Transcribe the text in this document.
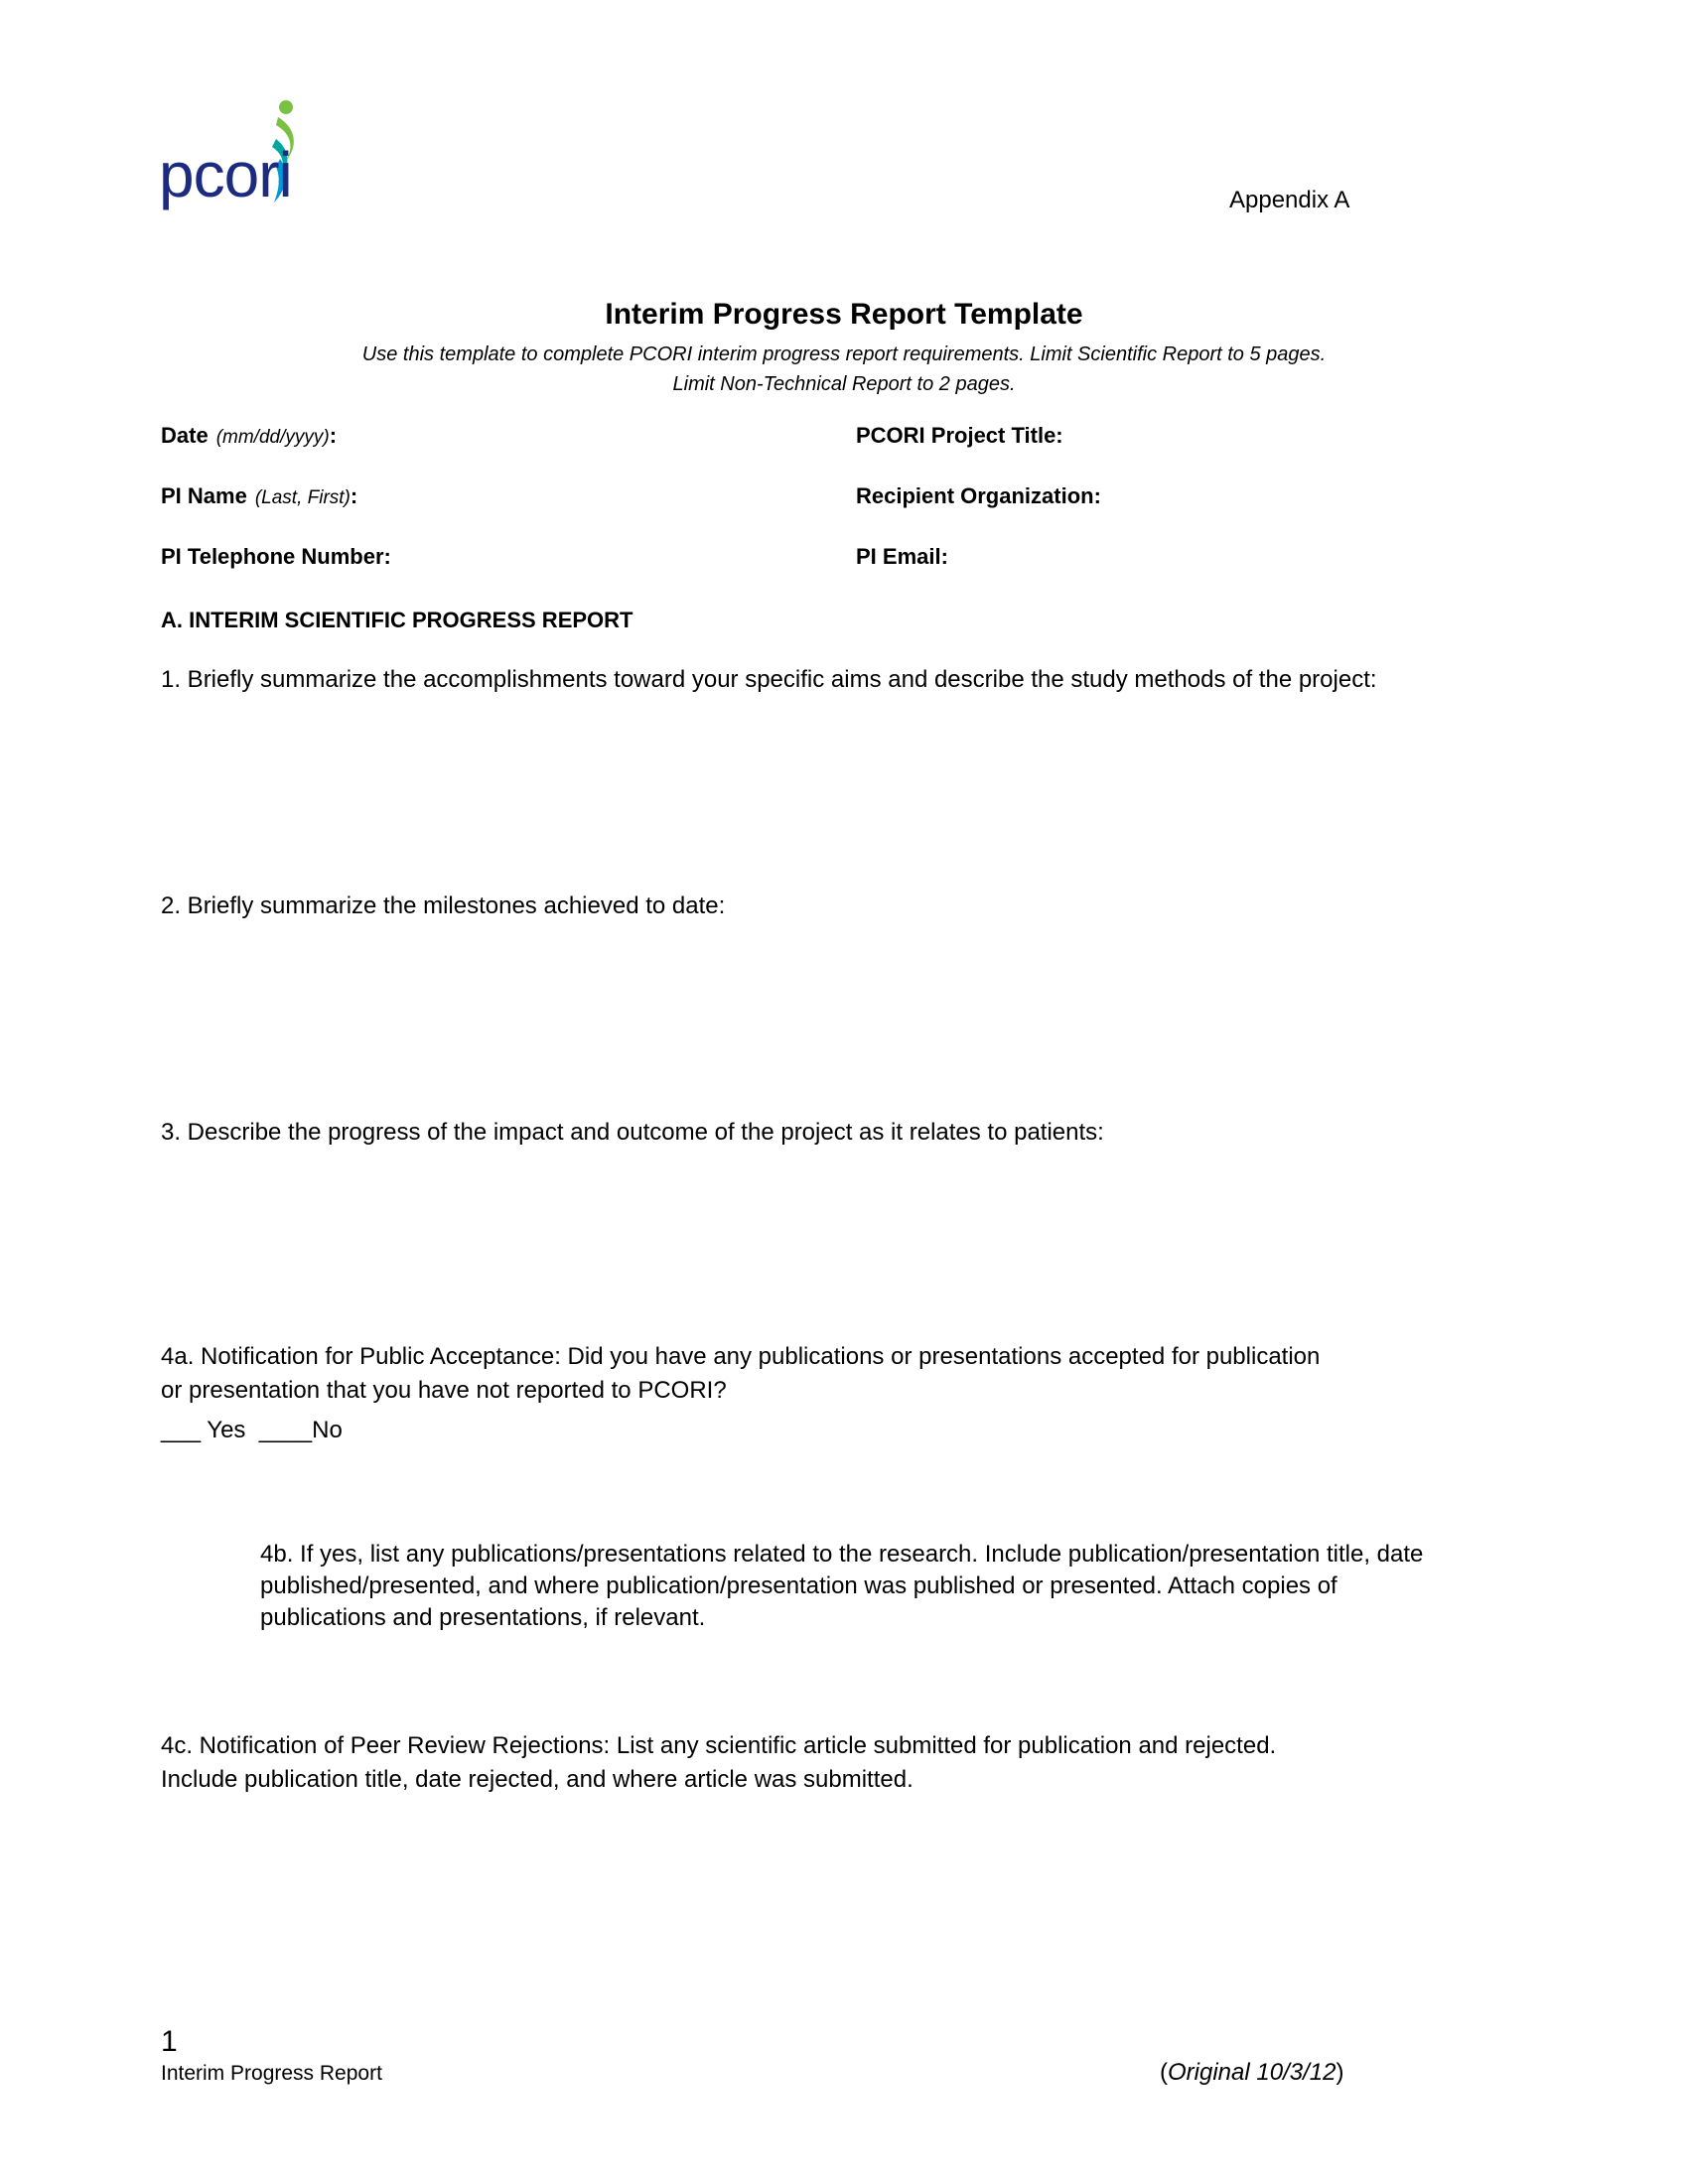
pcori	Appendix A
Interim Progress Report Template
Use this template to complete PCORI interim progress report requirements. Limit Scientific Report to 5 pages.
Limit Non-Technical Report to 2 pages.
Date (mm/dd/yyyy):
PI Name (Last, First):
PI Telephone Number:
PCORI Project Title:
Recipient Organization:
PI Email:
A. INTERIM SCIENTIFIC PROGRESS REPORT
1. Briefly summarize the accomplishments toward your specific aims and describe the study methods of the project:
2. Briefly summarize the milestones achieved to date:
3. Describe the progress of the impact and outcome of the project as it relates to patients:
4a. Notification for Public Acceptance: Did you have any publications or presentations accepted for publication
or presentation that you have not reported to PCORI?
___ Yes  ____No
4b. If yes, list any publications/presentations related to the research. Include publication/presentation title, date
published/presented, and where publication/presentation was published or presented. Attach copies of
publications and presentations, if relevant.
4c. Notification of Peer Review Rejections: List any scientific article submitted for publication and rejected.
Include publication title, date rejected, and where article was submitted.
1
Interim Progress Report	(Original 10/3/12)
